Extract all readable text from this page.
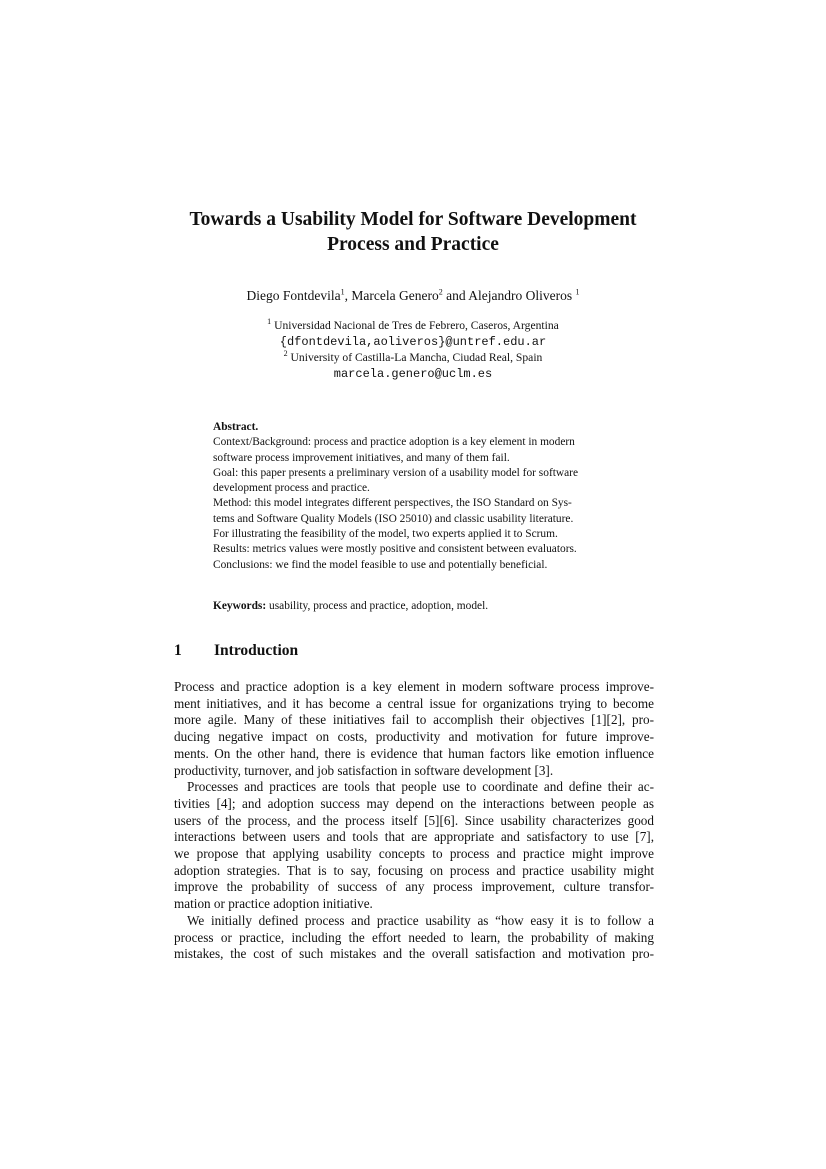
Towards a Usability Model for Software Development
Process and Practice
Diego Fontdevila$^1$, Marcela Genero$^2$ and Alejandro Oliveros $^1$
$^1$ Universidad Nacional de Tres de Febrero, Caseros, Argentina
{dfontdevila,aoliveros}@untref.edu.ar
$^2$ University of Castilla-La Mancha, Ciudad Real, Spain
marcela.genero@uclm.es
Abstract.
Context/Background: process and practice adoption is a key element in modern
software process improvement initiatives, and many of them fail.
Goal: this paper presents a preliminary version of a usability model for software
development process and practice.
Method: this model integrates different perspectives, the ISO Standard on Sys-
tems and Software Quality Models (ISO 25010) and classic usability literature.
For illustrating the feasibility of the model, two experts applied it to Scrum.
Results: metrics values were mostly positive and consistent between evaluators.
Conclusions: we find the model feasible to use and potentially beneficial.
Keywords: usability, process and practice, adoption, model.
1 Introduction
Process and practice adoption is a key element in modern software process improve-
ment initiatives, and it has become a central issue for organizations trying to become
more agile. Many of these initiatives fail to accomplish their objectives [1][2], pro-
ducing negative impact on costs, productivity and motivation for future improve-
ments. On the other hand, there is evidence that human factors like emotion influence
productivity, turnover, and job satisfaction in software development [3].
Processes and practices are tools that people use to coordinate and define their ac-
tivities [4]; and adoption success may depend on the interactions between people as
users of the process, and the process itself [5][6]. Since usability characterizes good
interactions between users and tools that are appropriate and satisfactory to use [7],
we propose that applying usability concepts to process and practice might improve
adoption strategies. That is to say, focusing on process and practice usability might
improve the probability of success of any process improvement, culture transfor-
mation or practice adoption initiative.
We initially defined process and practice usability as “how easy it is to follow a
process or practice, including the effort needed to learn, the probability of making
mistakes, the cost of such mistakes and the overall satisfaction and motivation pro-
